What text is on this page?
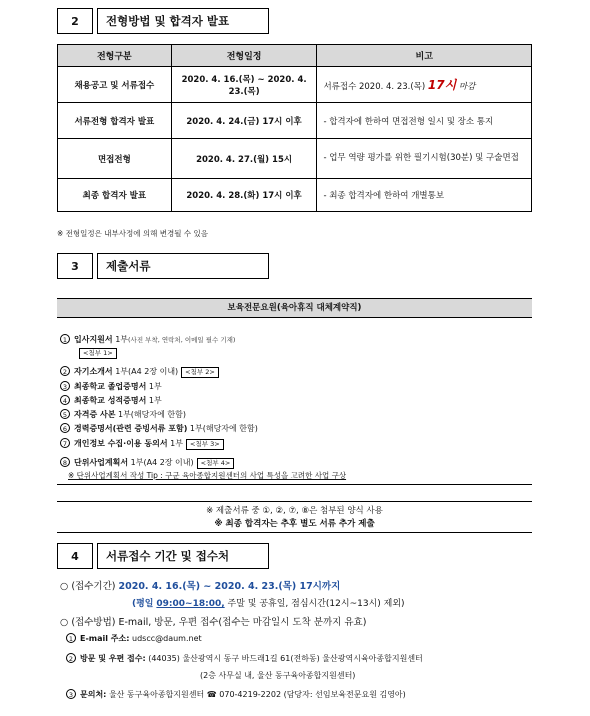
2	전형방법 및 합격자 발표
전형구분	전형일정	비고
채용공고 및 서류접수	2020. 4. 16.(목) ~ 2020. 4. 23.(목)	서류접수 2020. 4. 23.(목) 17시 마감
서류전형 합격자 발표	2020. 4. 24.(금) 17시 이후	- 합격자에 한하여 면접전형 일시 및 장소 통지
면접전형	2020. 4. 27.(월) 15시	- 업무 역량 평가를 위한 필기시험(30분) 및 구술면접
최종 합격자 발표	2020. 4. 28.(화) 17시 이후	- 최종 합격자에 한하여 개별통보
※ 전형일정은 내부사정에 의해 변경될 수 있음
3	제출서류
보육전문요원(육아휴직 대체계약직)
1 입사지원서 1부(사진 부착, 연락처, 이메일 필수 기재)
<첨부 1>
2 자기소개서 1부(A4 2장 이내) <첨부 2>
3 최종학교 졸업증명서 1부
4 최종학교 성적증명서 1부
5 자격증 사본 1부(해당자에 한함)
6 경력증명서(관련 증빙서류 포함) 1부(해당자에 한함)
7 개인정보 수집·이용 동의서 1부 <첨부 3>
8 단위사업계획서 1부(A4 2장 이내) <첨부 4>
※ 단위사업계획서 작성 Tip : 구군 육아종합지원센터의 사업 특성을 고려한 사업 구상
※ 제출서류 중 ①, ②, ⑦, ⑧은 첨부된 양식 사용
※ 최종 합격자는 추후 별도 서류 추가 제출
4	서류접수 기간 및 접수처
○ (접수기간) 2020. 4. 16.(목) ~ 2020. 4. 23.(목) 17시까지
(평일 09:00~18:00, 주말 및 공휴일, 점심시간(12시~13시) 제외)
○ (접수방법) E-mail, 방문, 우편 접수(접수는 마감일시 도착 분까지 유효)
1 E-mail 주소: udscc@daum.net
2 방문 및 우편 접수: (44035) 울산광역시 동구 바드래1길 61(전하동) 울산광역시육아종합지원센터
(2층 사무실 내, 울산 동구육아종합지원센터)
3 문의처: 울산 동구육아종합지원센터 ☎ 070-4219-2202 (담당자: 선임보육전문요원 김영아)
